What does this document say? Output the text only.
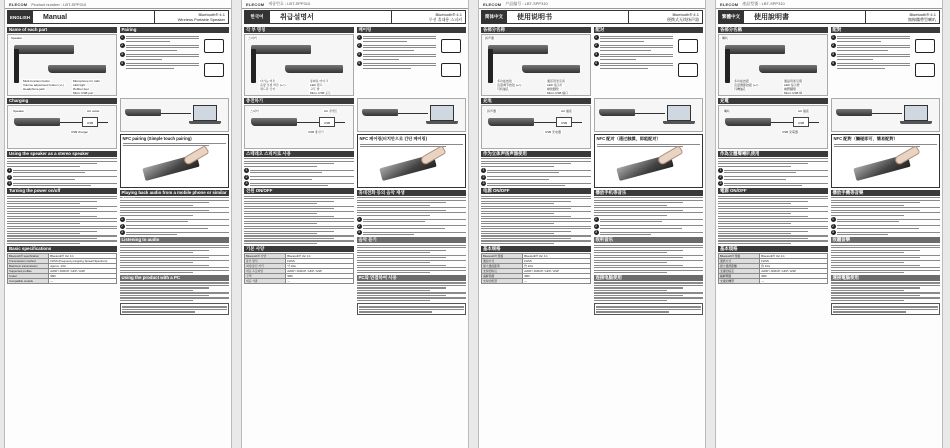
ELECOM Product number : LBT-SPP310
ENGLISH	Manual	Bluetooth® 4.1
Wireless Portable Speaker
Name of each part
Speaker
Multi-function button
Volume adjustment button (+/-)
Headphone jack
Microphone for calls
LED light
Rubber feet
Micro USB port
Charging
USB
Speaker
USB charger
AC outlet
Using the speaker as a stereo speaker
1
2
3
Turning the power on/off
Basic specifications
Bluetooth® specification	Bluetooth® Ver 4.1
Transmission method	FHSS (Frequency Hopping Spread Spectrum)
Maximum transmission	Approx. 10m
Supported profiles	A2DP / AVRCP / HFP / HSP
Codec	SBC
Compatible models	—
Pairing
1
2
3
4
NFC pairing (Simple touch pairing)
Playing back audio from a mobile phone or similar device
1
2
3
Listening to audio
Using the product with a PC
ELECOM 제품번호 : LBT-SPP310
한국어	취급설명서	Bluetooth® 4.1
무선 휴대용 스피커
각 부 명칭
스피커
다기능 버튼
음량 조절 버튼 (+/-)
헤드폰 단자
통화용 마이크
LED 램프
고무 발
Micro USB 포트
충전하기
USB
스피커
USB 충전기
AC 콘센트
스테레오 스피커로 사용
1
2
3
전원 ON/OFF
기본 사양
Bluetooth® 사양	Bluetooth® Ver 4.1
통신 방식	FHSS
최대 통신 거리	약 10m
대응 프로파일	A2DP / AVRCP / HFP / HSP
코덱	SBC
대응 기종	—
페어링
1
2
3
4
NFC 페어링(터치만으로 간단 페어링)
휴대전화 등의 음악 재생
1
2
3
음악 듣기
PC와 연결하여 사용
ELECOM 产品编号 : LBT-SPP310
简体中文	使用说明书	Bluetooth® 4.1
便携式无线扬声器
各部分名称
扬声器
多功能按钮
音量调节按钮 (+/-)
耳机插孔
通话用麦克风
LED 指示灯
橡胶脚垫
Micro USB 端口
充电
USB
扬声器
USB 充电器
AC 插座
作为立体声扬声器使用
1
2
3
电源 ON/OFF
基本规格
Bluetooth® 规格	Bluetooth® Ver 4.1
通信方式	FHSS
最大通信距离	约 10m
支持的协议	A2DP / AVRCP / HFP / HSP
编解码器	SBC
支持的机型	—
配对
1
2
3
4
NFC 配对（通过触摸，即能配对）
播放手机等音乐
1
2
3
收听音乐
连接电脑使用
ELECOM 產品型號 : LBT-SPP310
繁體中文	使用說明書	Bluetooth® 4.1
無線攜帶型喇叭
各部分名稱
喇叭
多功能按鈕
音量調節按鈕 (+/-)
耳機插孔
通話用麥克風
LED 指示燈
橡膠腳墊
Micro USB 埠
充電
USB
喇叭
USB 充電器
AC 插座
作為立體聲喇叭使用
1
2
3
電源 ON/OFF
基本規格
Bluetooth® 規格	Bluetooth® Ver 4.1
通訊方式	FHSS
最大通訊距離	約 10m
支援的協定	A2DP / AVRCP / HFP / HSP
編解碼器	SBC
支援的機型	—
配對
1
2
3
4
NFC 配對（觸碰即可，簡易配對）
播放手機等音樂
1
2
3
收聽音樂
連接電腦使用
